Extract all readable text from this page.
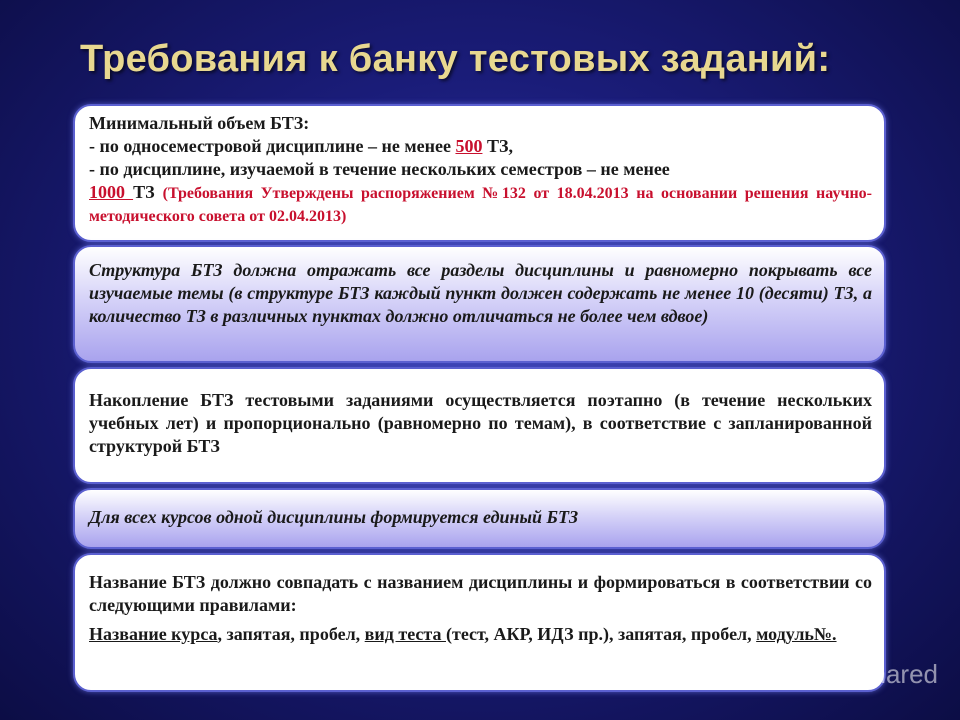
Требования к банку тестовых заданий:
Минимальный объем БТЗ:
- по односеместровой дисциплине – не менее 500 ТЗ,
- по дисциплине, изучаемой в течение нескольких семестров – не менее
1000 ТЗ (Требования Утверждены распоряжением №132 от 18.04.2013 на основании решения научно-методического совета от 02.04.2013)
Структура БТЗ должна отражать все разделы дисциплины и равномерно покрывать все изучаемые темы (в структуре БТЗ каждый пункт должен содержать не менее 10 (десяти) ТЗ, а количество ТЗ в различных пунктах должно отличаться не более чем вдвое)
Накопление БТЗ тестовыми заданиями осуществляется поэтапно (в течение нескольких учебных лет) и пропорционально (равномерно по темам), в соответствие с запланированной структурой БТЗ
Для всех курсов одной дисциплины формируется единый БТЗ
Название БТЗ должно совпадать с названием дисциплины и формироваться в соответствии со следующими правилами:
Название курса, запятая, пробел, вид теста (тест, АКР, ИДЗ пр.), запятая, пробел, модуль№.
Shared
